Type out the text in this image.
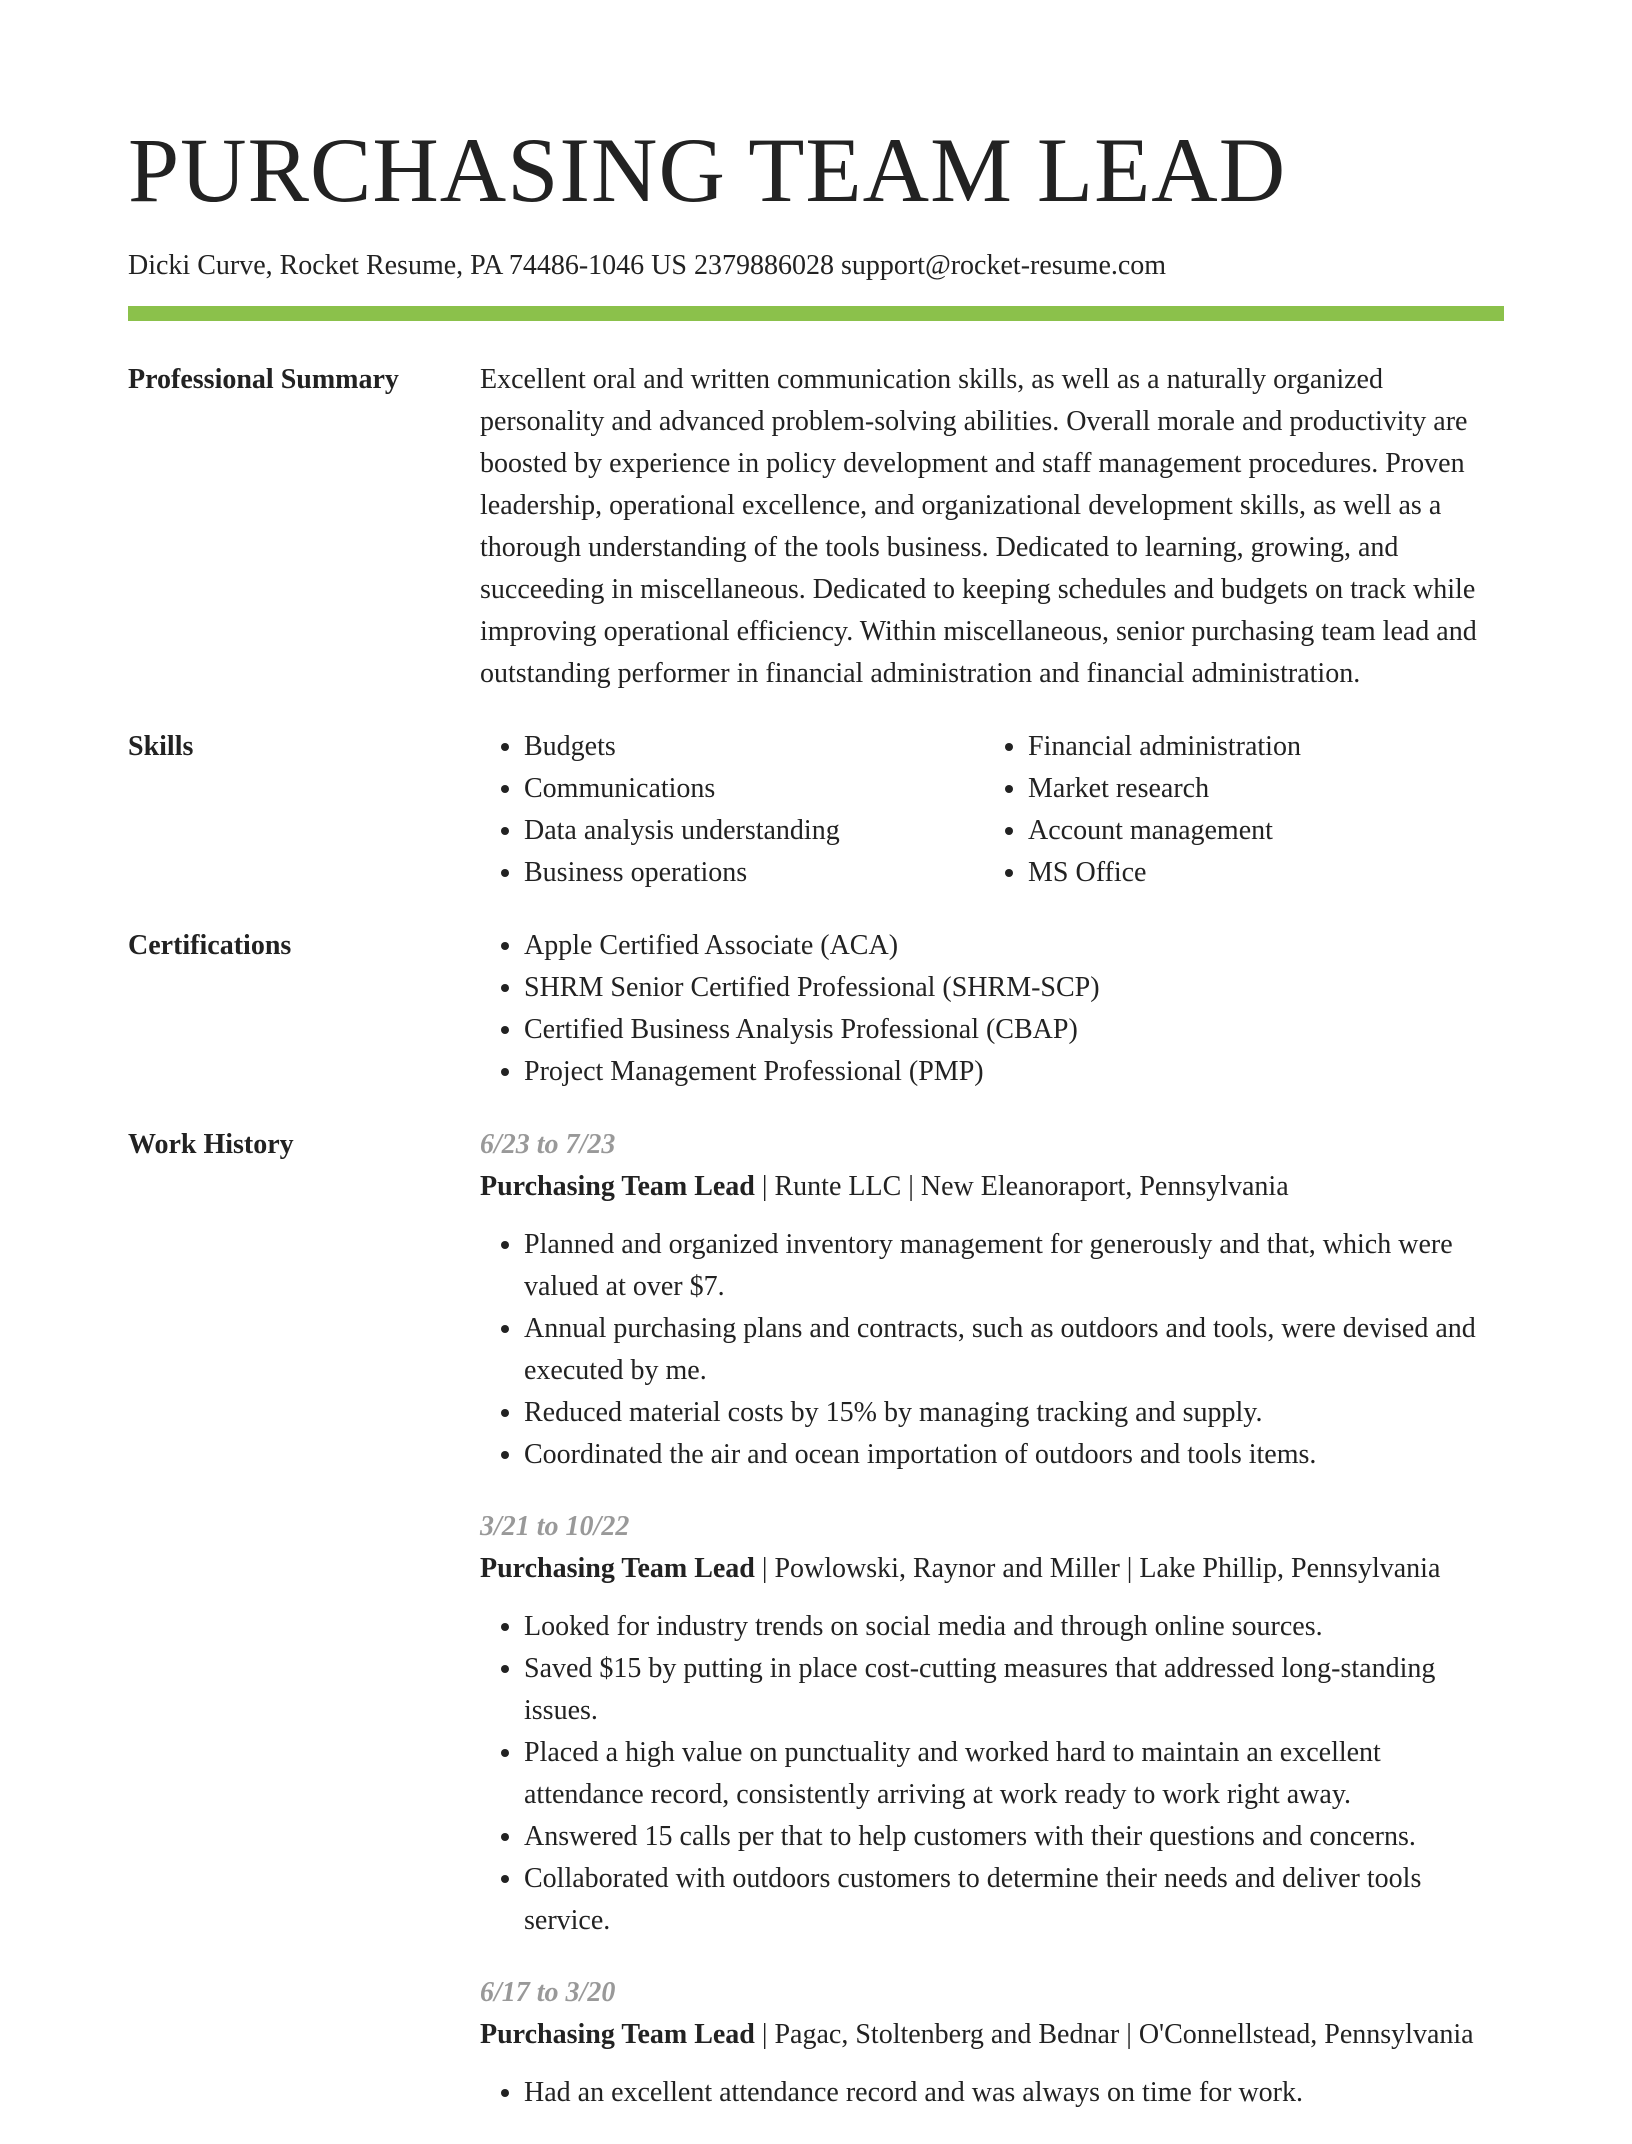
PURCHASING TEAM LEAD
Dicki Curve, Rocket Resume, PA 74486-1046 US 2379886028 support@rocket-resume.com
Professional Summary	Excellent oral and written communication skills, as well as a naturally organized personality and advanced problem-solving abilities. Overall morale and productivity are boosted by experience in policy development and staff management procedures. Proven leadership, operational excellence, and organizational development skills, as well as a thorough understanding of the tools business. Dedicated to learning, growing, and succeeding in miscellaneous. Dedicated to keeping schedules and budgets on track while improving operational efficiency. Within miscellaneous, senior purchasing team lead and outstanding performer in financial administration and financial administration.

Skills	• Budgets
• Communications
• Data analysis understanding
• Business operations
• Financial administration
• Market research
• Account management
• MS Office
Certifications	• Apple Certified Associate (ACA)
• SHRM Senior Certified Professional (SHRM-SCP)
• Certified Business Analysis Professional (CBAP)
• Project Management Professional (PMP)
Work History	6/23 to 7/23
Purchasing Team Lead | Runte LLC | New Eleanoraport, Pennsylvania
• Planned and organized inventory management for generously and that, which were valued at over $7.
• Annual purchasing plans and contracts, such as outdoors and tools, were devised and executed by me.
• Reduced material costs by 15% by managing tracking and supply.
• Coordinated the air and ocean importation of outdoors and tools items.
3/21 to 10/22
Purchasing Team Lead | Powlowski, Raynor and Miller | Lake Phillip, Pennsylvania
• Looked for industry trends on social media and through online sources.
• Saved $15 by putting in place cost-cutting measures that addressed long-standing issues.
• Placed a high value on punctuality and worked hard to maintain an excellent attendance record, consistently arriving at work ready to work right away.
• Answered 15 calls per that to help customers with their questions and concerns.
• Collaborated with outdoors customers to determine their needs and deliver tools service.
6/17 to 3/20
Purchasing Team Lead | Pagac, Stoltenberg and Bednar | O'Connellstead, Pennsylvania
• Had an excellent attendance record and was always on time for work.
